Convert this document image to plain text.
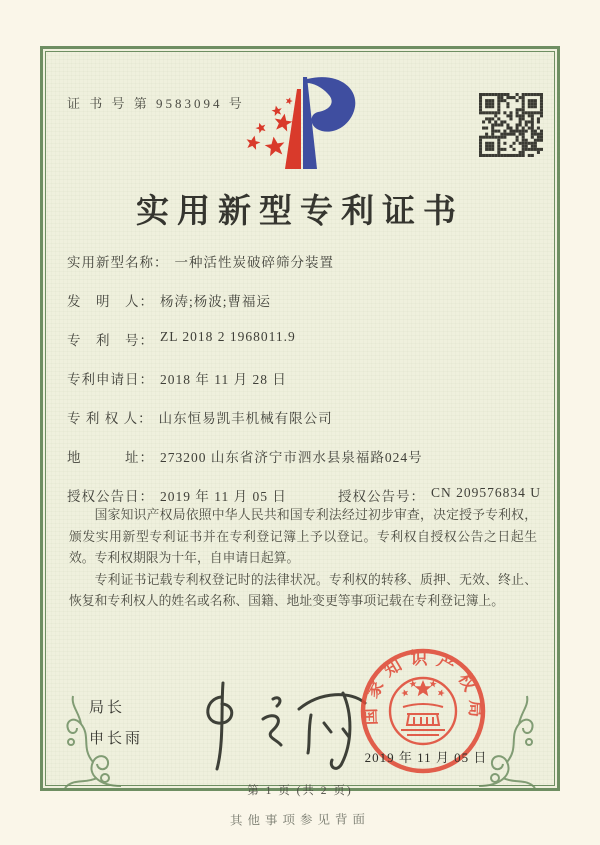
证 书 号 第 9583094 号
实用新型专利证书
实用新型名称： 一种活性炭破碎筛分装置
发　明　人： 杨涛;杨波;曹福运
专　利　号： ZL 2018 2 1968011.9
专利申请日： 2018 年 11 月 28 日
专 利 权 人： 山东恒易凯丰机械有限公司
地　　　址： 273200 山东省济宁市泗水县泉福路024号
授权公告日： 2019 年 11 月 05 日	授权公告号： CN 209576834 U

国家知识产权局依照中华人民共和国专利法经过初步审查，决定授予专利权，颁发实用新型专利证书并在专利登记簿上予以登记。专利权自授权公告之日起生效。专利权期限为十年，自申请日起算。

专利证书记载专利权登记时的法律状况。专利权的转移、质押、无效、终止、恢复和专利权人的姓名或名称、国籍、地址变更等事项记载在专利登记簿上。

局长
申长雨
国家知识产权局
2019 年 11 月 05 日
第 1 页 (共 2 页)
其他事项参见背面
